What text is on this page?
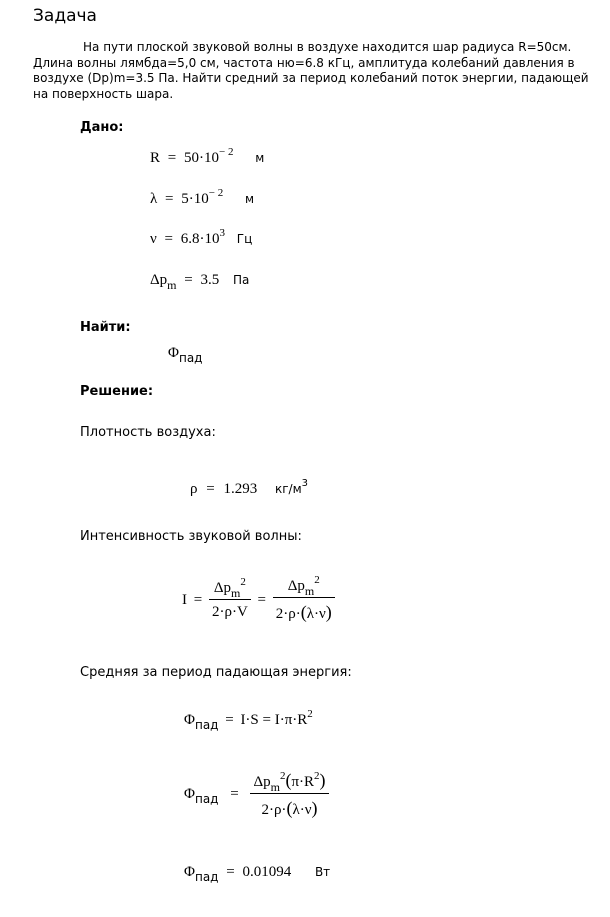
Задача
На пути плоской звуковой волны в воздухе находится шар радиуса R=50см.
Длина волны лямбда=5,0 см, частота ню=6.8 кГц, амплитуда колебаний давления в
воздухе (Dp)m=3.5 Па. Найти средний за период колебаний поток энергии, падающей
на поверхность шара.
Дано:
$R = 50\cdot 10^{- 2}$ м
$\lambda = 5\cdot 10^{- 2}$ м
$\nu = 6.8\cdot 10^3$ Гц
$\Delta p_m = 3.5$ Па
Найти:
$\Phi_{пад}$
Решение:
Плотность воздуха:
ρ = 1.293 $кг/м^3$
Интенсивность звуковой волны:
$I = \frac{\Delta p_m^2}{2\cdot\rho\cdot V} = \frac{\Delta p_m^2}{2\cdot\rho\cdot(\lambda\cdot\nu)}$
Средняя за период падающая энергия:
$\Phi_{пад} = I\cdot S = I\cdot\pi\cdot R^2$
$\Phi_{пад} = \frac{\Delta p_m^2(\pi\cdot R^2)}{2\cdot\rho\cdot(\lambda\cdot\nu)}$
$\Phi_{пад} = 0.01094$ Вт
